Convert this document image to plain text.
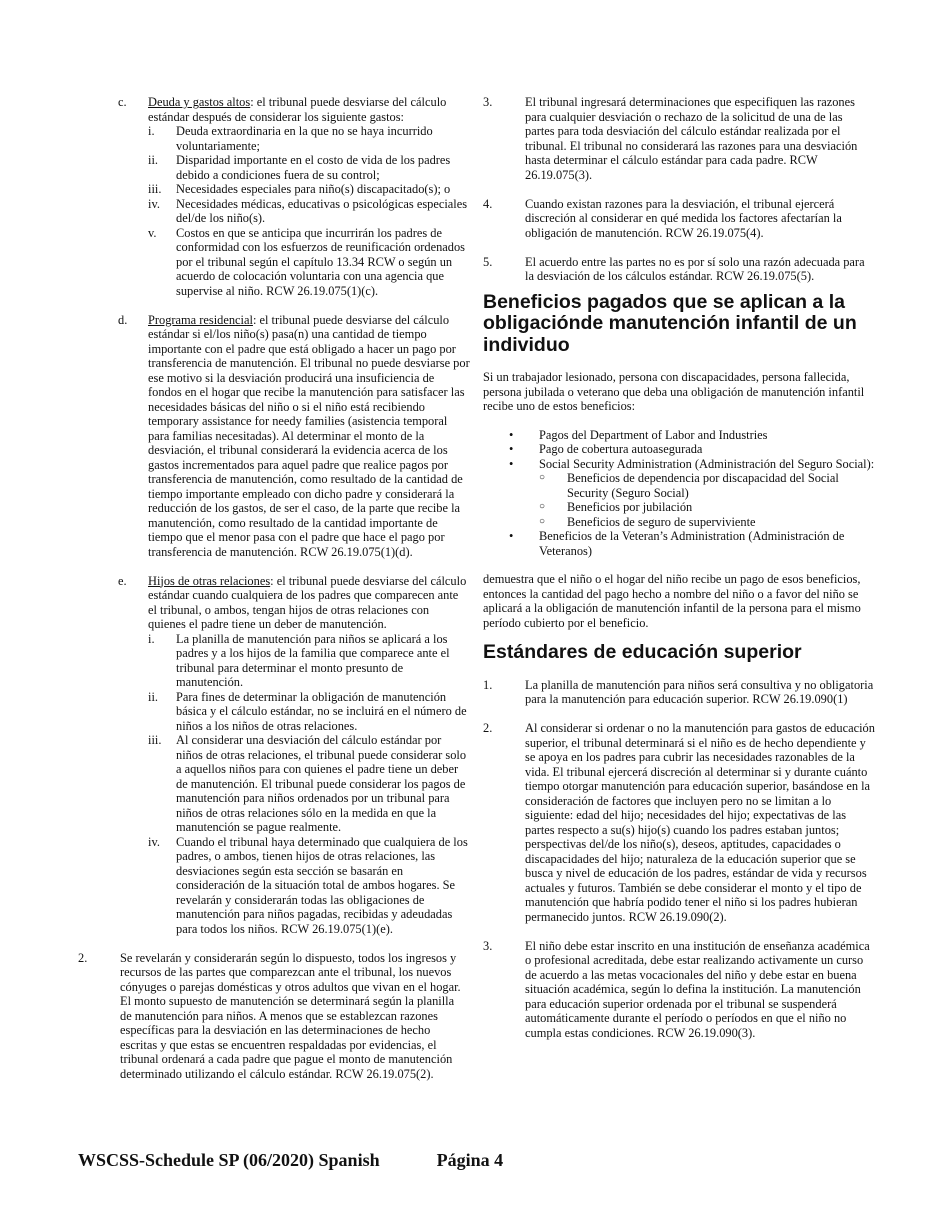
c. Deuda y gastos altos: el tribunal puede desviarse del cálculo estándar después de considerar los siguiente gastos:

i. Deuda extraordinaria en la que no se haya incurrido voluntariamente;
ii. Disparidad importante en el costo de vida de los padres debido a condiciones fuera de su control;
iii. Necesidades especiales para niño(s) discapacitado(s); o
iv. Necesidades médicas, educativas o psicológicas especiales del/de los niño(s).
v. Costos en que se anticipa que incurrirán los padres de conformidad con los esfuerzos de reunificación ordenados por el tribunal según el capítulo 13.34 RCW o según un acuerdo de colocación voluntaria con una agencia que supervise al niño. RCW 26.19.075(1)(c).
d. Programa residencial: el tribunal puede desviarse del cálculo estándar si el/los niño(s) pasa(n) una cantidad de tiempo importante con el padre que está obligado a hacer un pago por transferencia de manutención. El tribunal no puede desviarse por ese motivo si la desviación producirá una insuficiencia de fondos en el hogar que recibe la manutención para satisfacer las necesidades básicas del niño o si el niño está recibiendo temporary assistance for needy families (asistencia temporal para familias necesitadas). Al determinar el monto de la desviación, el tribunal considerará la evidencia acerca de los gastos incrementados para aquel padre que realice pagos por transferencia de manutención, como resultado de la cantidad de tiempo importante empleado con dicho padre y considerará la reducción de los gastos, de ser el caso, de la parte que recibe la manutención, como resultado de la cantidad importante de tiempo que el menor pasa con el padre que hace el pago por transferencia de manutención. RCW 26.19.075(1)(d).

e. Hijos de otras relaciones: el tribunal puede desviarse del cálculo estándar cuando cualquiera de los padres que comparecen ante el tribunal, o ambos, tengan hijos de otras relaciones con quienes el padre tiene un deber de manutención.

i. La planilla de manutención para niños se aplicará a los padres y a los hijos de la familia que comparece ante el tribunal para determinar el monto presunto de manutención.
ii. Para fines de determinar la obligación de manutención básica y el cálculo estándar, no se incluirá en el número de niños a los niños de otras relaciones.
iii. Al considerar una desviación del cálculo estándar por niños de otras relaciones, el tribunal puede considerar solo a aquellos niños para con quienes el padre tiene un deber de manutención. El tribunal puede considerar los pagos de manutención para niños ordenados por un tribunal para niños de otras relaciones sólo en la medida en que la manutención se pague realmente.
iv. Cuando el tribunal haya determinado que cualquiera de los padres, o ambos, tienen hijos de otras relaciones, las desviaciones según esta sección se basarán en consideración de la situación total de ambos hogares. Se revelarán y considerarán todas las obligaciones de manutención para niños pagadas, recibidas y adeudadas para todos los niños. RCW 26.19.075(1)(e).
2.	Se revelarán y considerarán según lo dispuesto, todos los ingresos y recursos de las partes que comparezcan ante el tribunal, los nuevos cónyuges o parejas domésticas y otros adultos que vivan en el hogar. El monto supuesto de manutención se determinará según la planilla de manutención para niños. A menos que se establezcan razones específicas para la desviación en las determinaciones de hecho escritas y que estas se encuentren respaldadas por evidencias, el tribunal ordenará a cada padre que pague el monto de manutención determinado utilizando el cálculo estándar. RCW 26.19.075(2).

3.	El tribunal ingresará determinaciones que especifiquen las razones para cualquier desviación o rechazo de la solicitud de una de las partes para toda desviación del cálculo estándar realizada por el tribunal. El tribunal no considerará las razones para una desviación hasta determinar el cálculo estándar para cada padre. RCW 26.19.075(3).

4.	Cuando existan razones para la desviación, el tribunal ejercerá discreción al considerar en qué medida los factores afectarían la obligación de manutención. RCW 26.19.075(4).

5.	El acuerdo entre las partes no es por sí solo una razón adecuada para la desviación de los cálculos estándar. RCW 26.19.075(5).

Beneficios pagados que se aplican a la obligaciónde manutención infantil de un individuo

Si un trabajador lesionado, persona con discapacidades, persona fallecida, persona jubilada o veterano que deba una obligación de manutención infantil recibe uno de estos beneficios:

• Pagos del Department of Labor and Industries
• Pago de cobertura autoasegurada
• Social Security Administration (Administración del Seguro Social):
○ Beneficios de dependencia por discapacidad del Social Security (Seguro Social)
○ Beneficios por jubilación
○ Beneficios de seguro de superviviente
• Beneficios de la Veteran’s Administration (Administración de Veteranos)

demuestra que el niño o el hogar del niño recibe un pago de esos beneficios, entonces la cantidad del pago hecho a nombre del niño o a favor del niño se aplicará a la obligación de manutención infantil de la persona para el mismo período cubierto por el beneficio.

Estándares de educación superior
1.	La planilla de manutención para niños será consultiva y no obligatoria para la manutención para educación superior. RCW 26.19.090(1)

2.	Al considerar si ordenar o no la manutención para gastos de educación superior, el tribunal determinará si el niño es de hecho dependiente y se apoya en los padres para cubrir las necesidades razonables de la vida. El tribunal ejercerá discreción al determinar si y durante cuánto tiempo otorgar manutención para educación superior, basándose en la consideración de factores que incluyen pero no se limitan a lo siguiente: edad del hijo; necesidades del hijo; expectativas de las partes respecto a su(s) hijo(s) cuando los padres estaban juntos; perspectivas del/de los niño(s), deseos, aptitudes, capacidades o discapacidades del hijo; naturaleza de la educación superior que se busca y nivel de educación de los padres, estándar de vida y recursos actuales y futuros. También se debe considerar el monto y el tipo de manutención que habría podido tener el niño si los padres hubieran permanecido juntos. RCW 26.19.090(2).

3.	El niño debe estar inscrito en una institución de enseñanza académica o profesional acreditada, debe estar realizando activamente un curso de acuerdo a las metas vocacionales del niño y debe estar en buena situación académica, según lo defina la institución. La manutención para educación superior ordenada por el tribunal se suspenderá automáticamente durante el período o períodos en que el niño no cumpla estas condiciones. RCW 26.19.090(3).

WSCSS-Schedule SP (06/2020) Spanish	Página 4
